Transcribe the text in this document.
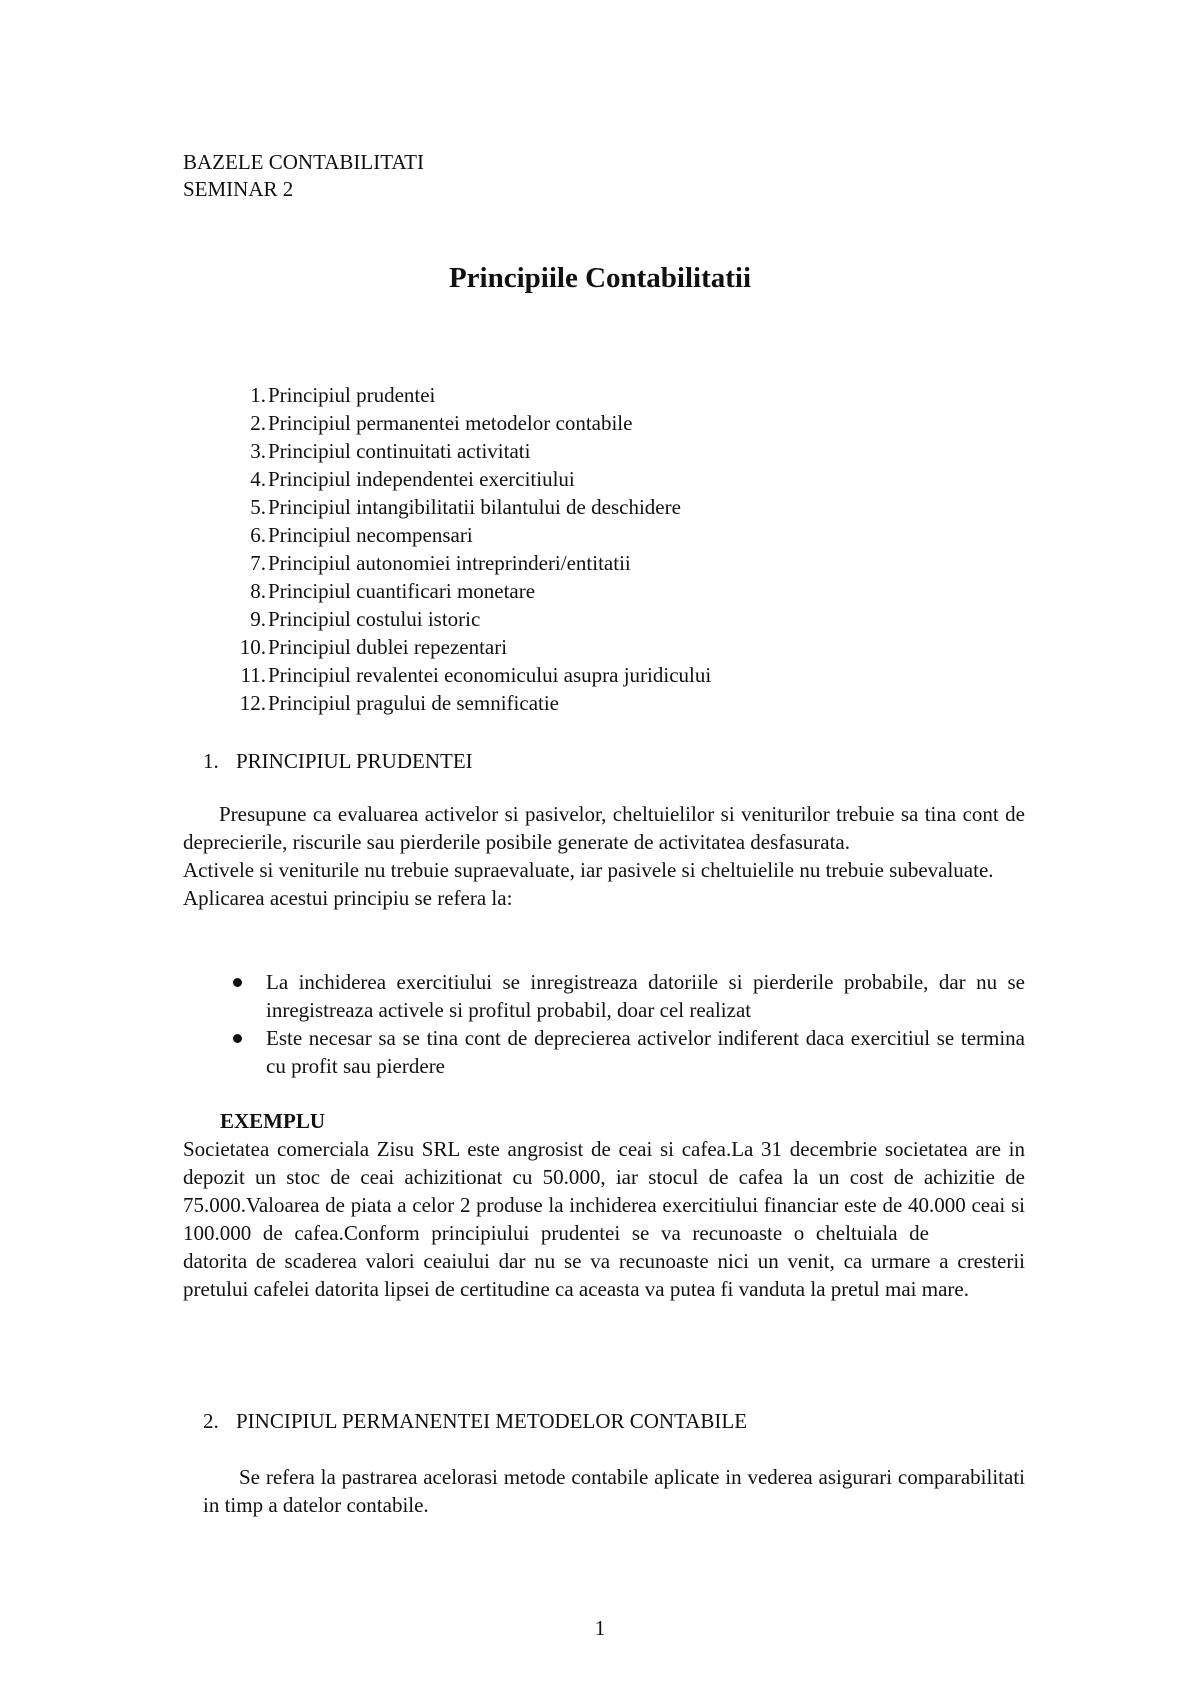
BAZELE CONTABILITATI
SEMINAR 2
Principiile Contabilitatii
1. Principiul prudentei
2. Principiul permanentei metodelor contabile
3. Principiul continuitati activitati
4. Principiul independentei exercitiului
5. Principiul intangibilitatii bilantului de deschidere
6. Principiul necompensari
7. Principiul autonomiei intreprinderi/entitatii
8. Principiul cuantificari monetare
9. Principiul costului istoric
10. Principiul dublei repezentari
11. Principiul revalentei economicului asupra juridicului
12. Principiul pragului de semnificatie
1. PRINCIPIUL PRUDENTEI

Presupune ca evaluarea activelor si pasivelor, cheltuielilor si veniturilor trebuie sa tina cont de deprecierile, riscurile sau pierderile posibile generate de activitatea desfasurata.

Activele si veniturile nu trebuie supraevaluate, iar pasivele si cheltuielile nu trebuie subevaluate.

Aplicarea acestui principiu se refera la:

La inchiderea exercitiului se inregistreaza datoriile si pierderile probabile, dar nu se inregistreaza activele si profitul probabil, doar cel realizat
Este necesar sa se tina cont de deprecierea activelor indiferent daca exercitiul se termina cu profit sau pierdere
EXEMPLU

Societatea comerciala Zisu SRL este angrosist de ceai si cafea.La 31 decembrie societatea are in depozit un stoc de ceai achizitionat cu 50.000, iar stocul de cafea la un cost de achizitie de 75.000.Valoarea de piata a celor 2 produse la inchiderea exercitiului financiar este de 40.000 ceai si 100.000 de cafea.Conform principiului prudentei se va recunoaste o cheltuiala dedatorita de scaderea valori ceaiului dar nu se va recunoaste nici un venit, ca urmare a cresterii pretului cafelei datorita lipsei de certitudine ca aceasta va putea fi vanduta la pretul mai mare.

2. PINCIPIUL PERMANENTEI METODELOR CONTABILE

Se refera la pastrarea acelorasi metode contabile aplicate in vederea asigurari comparabilitati in timp a datelor contabile.

1
